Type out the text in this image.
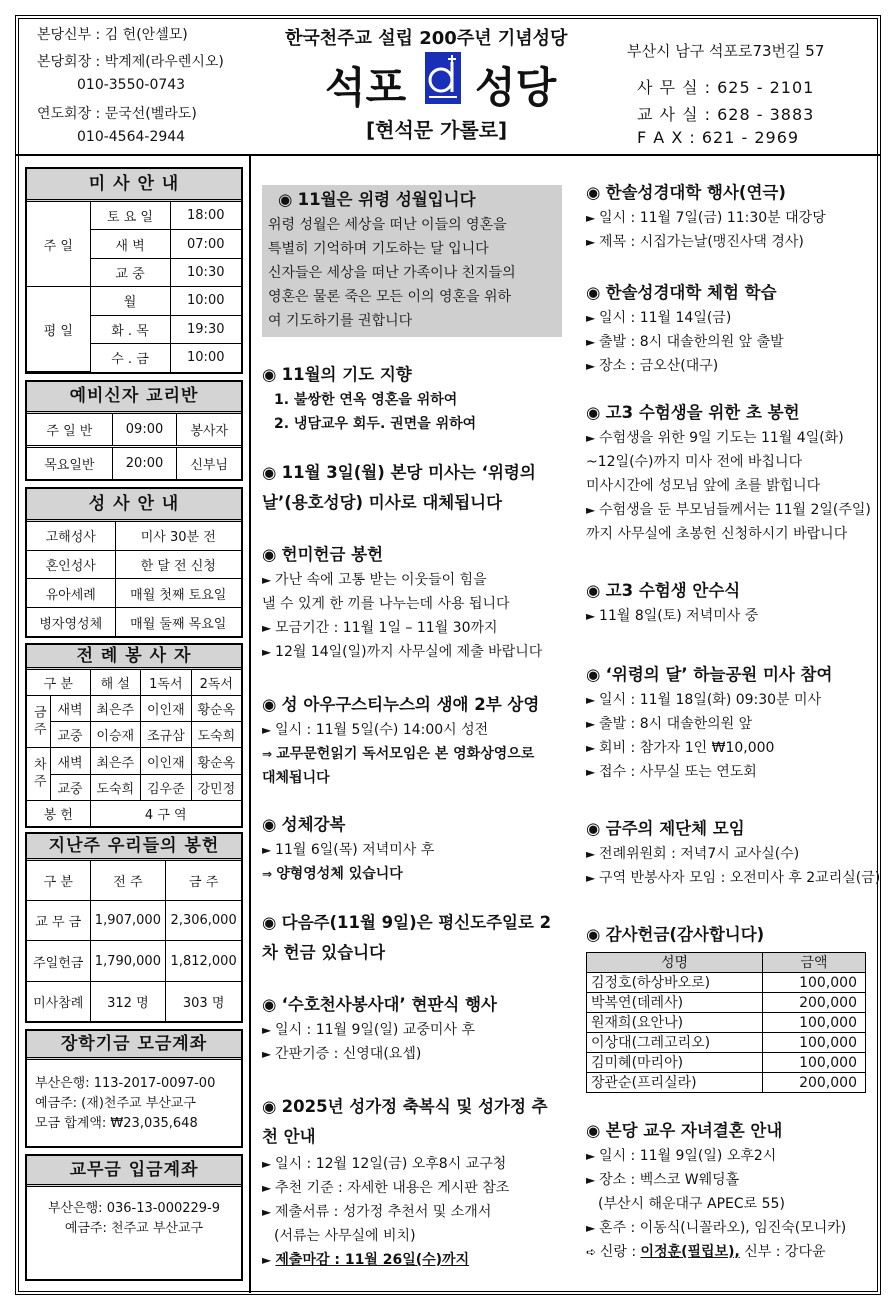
본당신부 : 김 헌(안셀모)
본당회장 : 박계제(라우렌시오)
010-3550-0743
연도회장 : 문국선(벨라도)
010-4564-2944
한국천주교 설립 200주년 기념성당
석포 성당
[현석문 가롤로]
부산시 남구 석포로73번길 57
사 무 실 : 625 - 2101
교 사 실 : 628 - 3883
F A X : 621 - 2969
미 사 안 내
주 일	토 요 일	18:00
	새 벽	07:00
	교 중	10:30
평 일	월	10:00
	화 . 목	19:30
	수 . 금	10:00
예비신자 교리반
주 일 반	09:00	봉사자
목요일반	20:00	신부님
성 사 안 내
고해성사	미사 30분 전
혼인성사	한 달 전 신청
유아세례	매월 첫째 토요일
병자영성체	매월 둘째 목요일
전 례 봉 사 자
구 분		해 설	1독서	2독서
금주	새벽	최은주	이인재	황순옥
	교중	이승재	조규삼	도숙희
차주	새벽	최은주	이인재	황순옥
	교중	도숙희	김우준	강민정
봉 헌		4 구 역		
지난주 우리들의 봉헌
구 분	전 주	금 주
교 무 금	1,907,000	2,306,000
주일헌금	1,790,000	1,812,000
미사참례	312 명	303 명
장학기금 모금계좌
부산은행: 113-2017-0097-00
예금주: (재)천주교 부산교구
모금 합계액: ₩23,035,648
교무금 입금계좌
부산은행: 036-13-000229-9
예금주: 천주교 부산교구
◉ 11월은 위령 성월입니다
위령 성월은 세상을 떠난 이들의 영혼을
특별히 기억하며 기도하는 달 입니다
신자들은 세상을 떠난 가족이나 친지들의
영혼은 물론 죽은 모든 이의 영혼을 위하
여 기도하기를 권합니다
◉ 11월의 기도 지향
1. 불쌍한 연옥 영혼을 위하여
2. 냉담교우 회두. 권면을 위하여
◉ 11월 3일(월) 본당 미사는 ‘위령의 날’(용호성당) 미사로 대체됩니다
◉ 헌미헌금 봉헌
► 가난 속에 고통 받는 이웃들이 힘을
낼 수 있게 한 끼를 나누는데 사용 됩니다
► 모금기간 : 11월 1일 – 11월 30까지
► 12월 14일(일)까지 사무실에 제출 바랍니다
◉ 성 아우구스티누스의 생애 2부 상영
► 일시 : 11월 5일(수) 14:00시 성전
⇒ 교무문헌읽기 독서모임은 본 영화상영으로
대체됩니다
◉ 성체강복
► 11월 6일(목) 저녁미사 후
⇒ 양형영성체 있습니다
◉ 다음주(11월 9일)은 평신도주일로 2차 헌금 있습니다
◉ ‘수호천사봉사대’ 현판식 행사
► 일시 : 11월 9일(일) 교중미사 후
► 간판기증 : 신영대(요셉)
◉ 2025년 성가정 축복식 및 성가정 추천 안내
► 일시 : 12월 12일(금) 오후8시 교구청
► 추천 기준 : 자세한 내용은 게시판 참조
► 제출서류 : 성가정 추천서 및 소개서
(서류는 사무실에 비치)
► 제출마감 : 11월 26일(수)까지
◉ 한솔성경대학 행사(연극)
► 일시 : 11월 7일(금) 11:30분 대강당
► 제목 : 시집가는날(맹진사댁 경사)
◉ 한솔성경대학 체험 학습
► 일시 : 11월 14일(금)
► 출발 : 8시 대솔한의원 앞 출발
► 장소 : 금오산(대구)
◉ 고3 수험생을 위한 초 봉헌
► 수험생을 위한 9일 기도는 11월 4일(화)
~12일(수)까지 미사 전에 바칩니다
미사시간에 성모님 앞에 초를 밝힙니다
► 수험생을 둔 부모님들께서는 11월 2일(주일)
까지 사무실에 초봉헌 신청하시기 바랍니다
◉ 고3 수험생 안수식
► 11월 8일(토) 저녁미사 중
◉ ‘위령의 달’ 하늘공원 미사 참여
► 일시 : 11월 18일(화) 09:30분 미사
► 출발 : 8시 대솔한의원 앞
► 회비 : 참가자 1인 ₩10,000
► 접수 : 사무실 또는 연도회
◉ 금주의 제단체 모임
► 전례위원회 : 저녁7시 교사실(수)
► 구역 반봉사자 모임 : 오전미사 후 2교리실(금)
◉ 감사헌금(감사합니다)
성명	금액
김정호(하상바오로)	100,000
박복연(데레사)	200,000
원재희(요안나)	100,000
이상대(그레고리오)	100,000
김미혜(마리아)	100,000
장관순(프리실라)	200,000
◉ 본당 교우 자녀결혼 안내
► 일시 : 11월 9일(일) 오후2시
► 장소 : 벡스코 W웨딩홀
(부산시 해운대구 APEC로 55)
► 혼주 : 이동식(니꼴라오), 임진숙(모니카)
➪ 신랑 : 이정훈(필립보), 신부 : 강다윤
